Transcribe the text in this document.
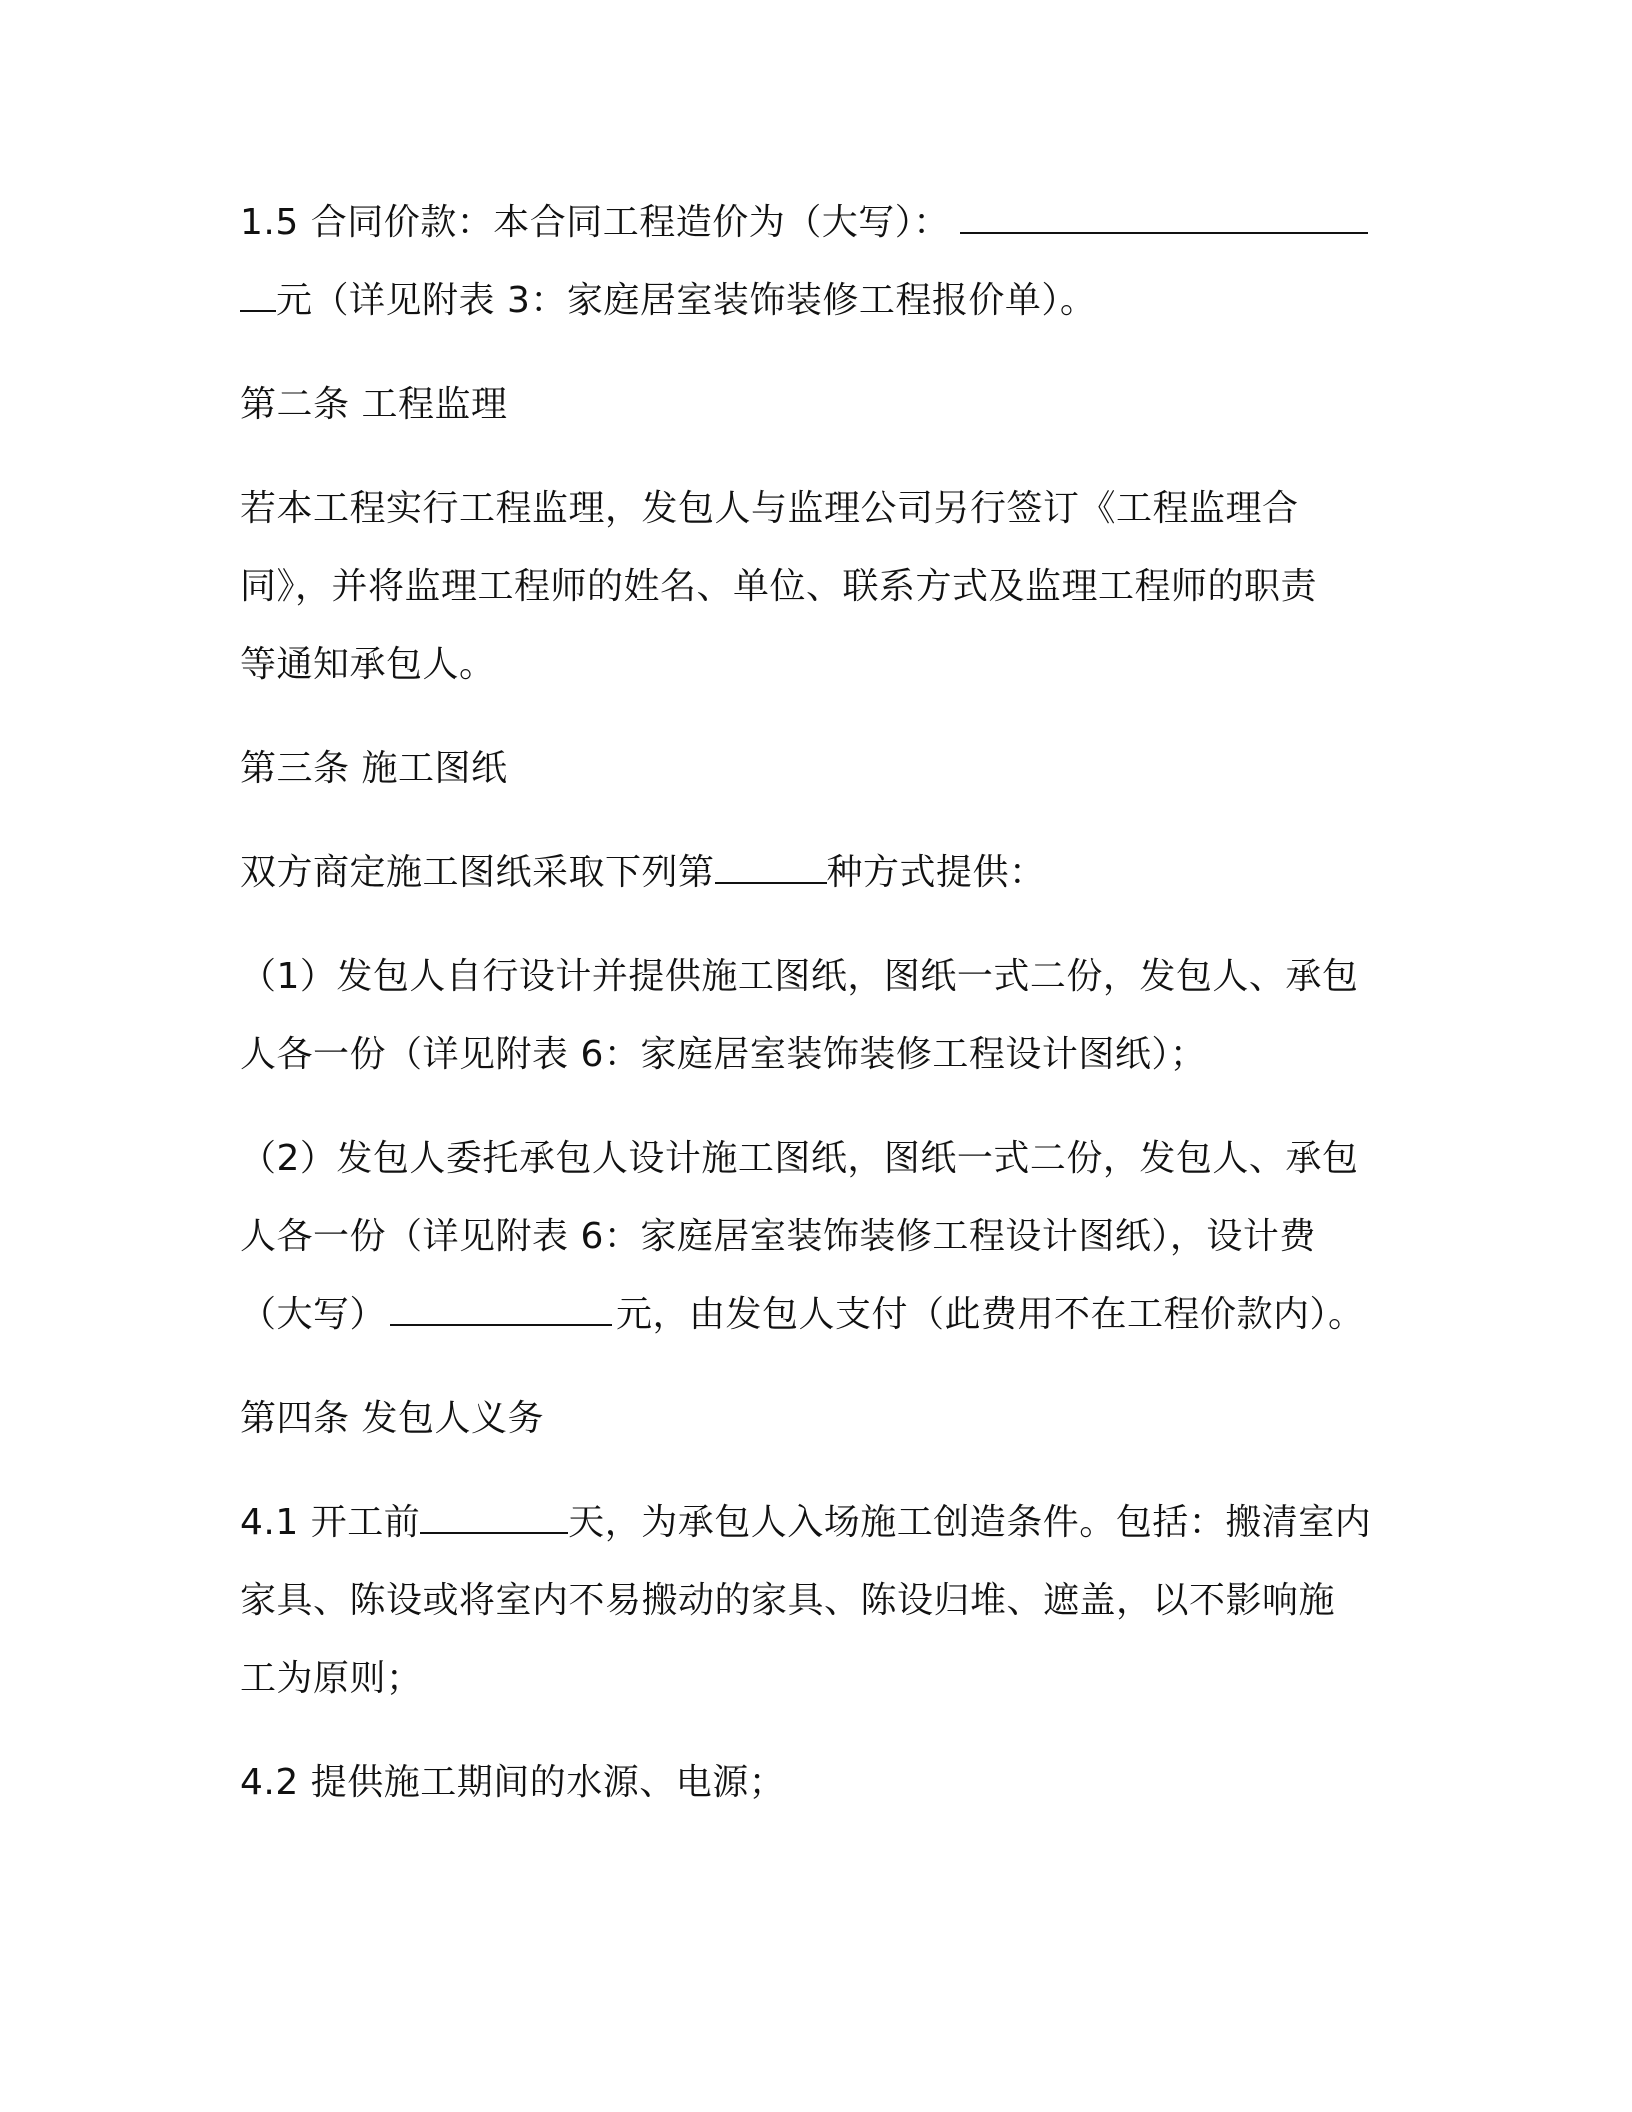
1.5 合同价款：本合同工程造价为（大写）：
元（详见附表 3：家庭居室装饰装修工程报价单）。
第二条 工程监理
若本工程实行工程监理，发包人与监理公司另行签订《工程监理合
同》，并将监理工程师的姓名、单位、联系方式及监理工程师的职责
等通知承包人。
第三条 施工图纸
双方商定施工图纸采取下列第	种方式提供：
（1）发包人自行设计并提供施工图纸，图纸一式二份，发包人、承包
人各一份（详见附表 6：家庭居室装饰装修工程设计图纸）；
（2）发包人委托承包人设计施工图纸，图纸一式二份，发包人、承包
人各一份（详见附表 6：家庭居室装饰装修工程设计图纸），设计费
（大写）	元，由发包人支付（此费用不在工程价款内）。
第四条 发包人义务
4.1 开工前	天，为承包人入场施工创造条件。包括：搬清室内
家具、陈设或将室内不易搬动的家具、陈设归堆、遮盖，以不影响施
工为原则；
4.2 提供施工期间的水源、电源；
